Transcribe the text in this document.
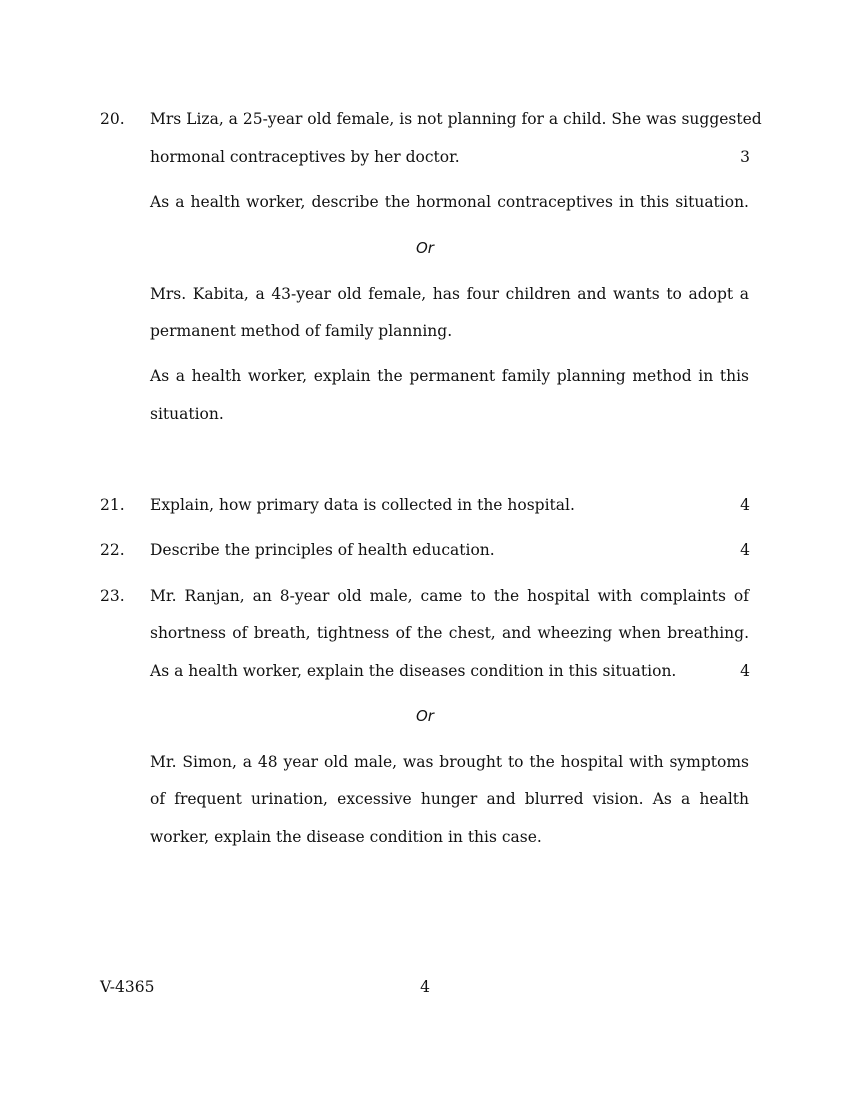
20. Mrs Liza, a 25-year old female, is not planning for a child. She was suggested
hormonal contraceptives by her doctor.	3
As a health worker, describe the hormonal contraceptives in this situation.
Or
Mrs. Kabita, a 43-year old female, has four children and wants to adopt a
permanent method of family planning.
As a health worker, explain the permanent family planning method in this
situation.
21. Explain, how primary data is collected in the hospital.	4
22. Describe the principles of health education.	4
23. Mr. Ranjan, an 8-year old male, came to the hospital with complaints of
shortness of breath, tightness of the chest, and wheezing when breathing.
As a health worker, explain the diseases condition in this situation.	4
Or
Mr. Simon, a 48 year old male, was brought to the hospital with symptoms
of frequent urination, excessive hunger and blurred vision. As a health
worker, explain the disease condition in this case.
V-4365	4
